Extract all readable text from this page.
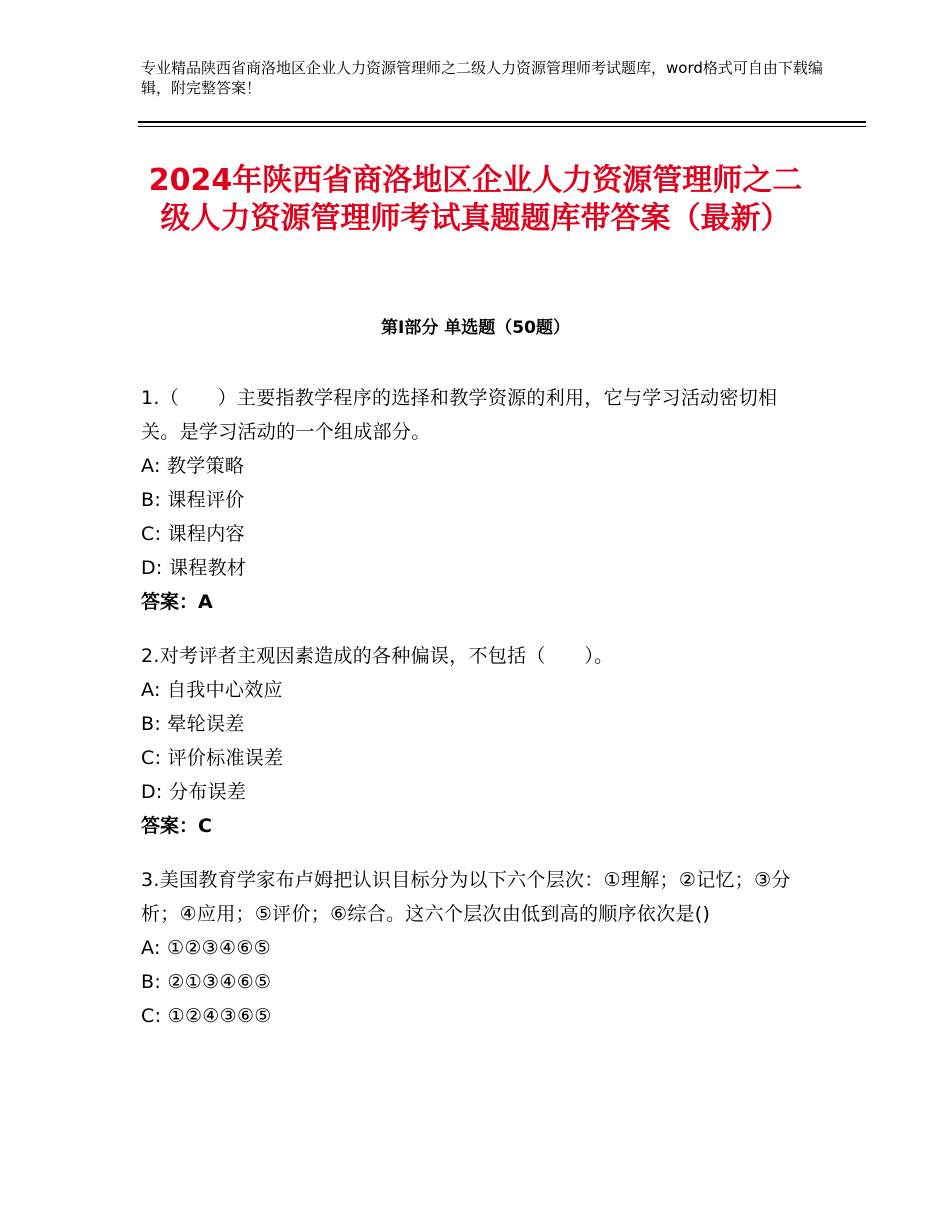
专业精品陕西省商洛地区企业人力资源管理师之二级人力资源管理师考试题库，word格式可自由下载编辑，附完整答案！
2024年陕西省商洛地区企业人力资源管理师之二级人力资源管理师考试真题题库带答案（最新）
第Ⅰ部分 单选题（50题）
1.（　　）主要指教学程序的选择和教学资源的利用，它与学习活动密切相关。是学习活动的一个组成部分。
A: 教学策略
B: 课程评价
C: 课程内容
D: 课程教材
答案：A
2.对考评者主观因素造成的各种偏误，不包括（　　）。
A: 自我中心效应
B: 晕轮误差
C: 评价标准误差
D: 分布误差
答案：C
3.美国教育学家布卢姆把认识目标分为以下六个层次：①理解；②记忆；③分析；④应用；⑤评价；⑥综合。这六个层次由低到高的顺序依次是()
A: ①②③④⑥⑤
B: ②①③④⑥⑤
C: ①②④③⑥⑤
